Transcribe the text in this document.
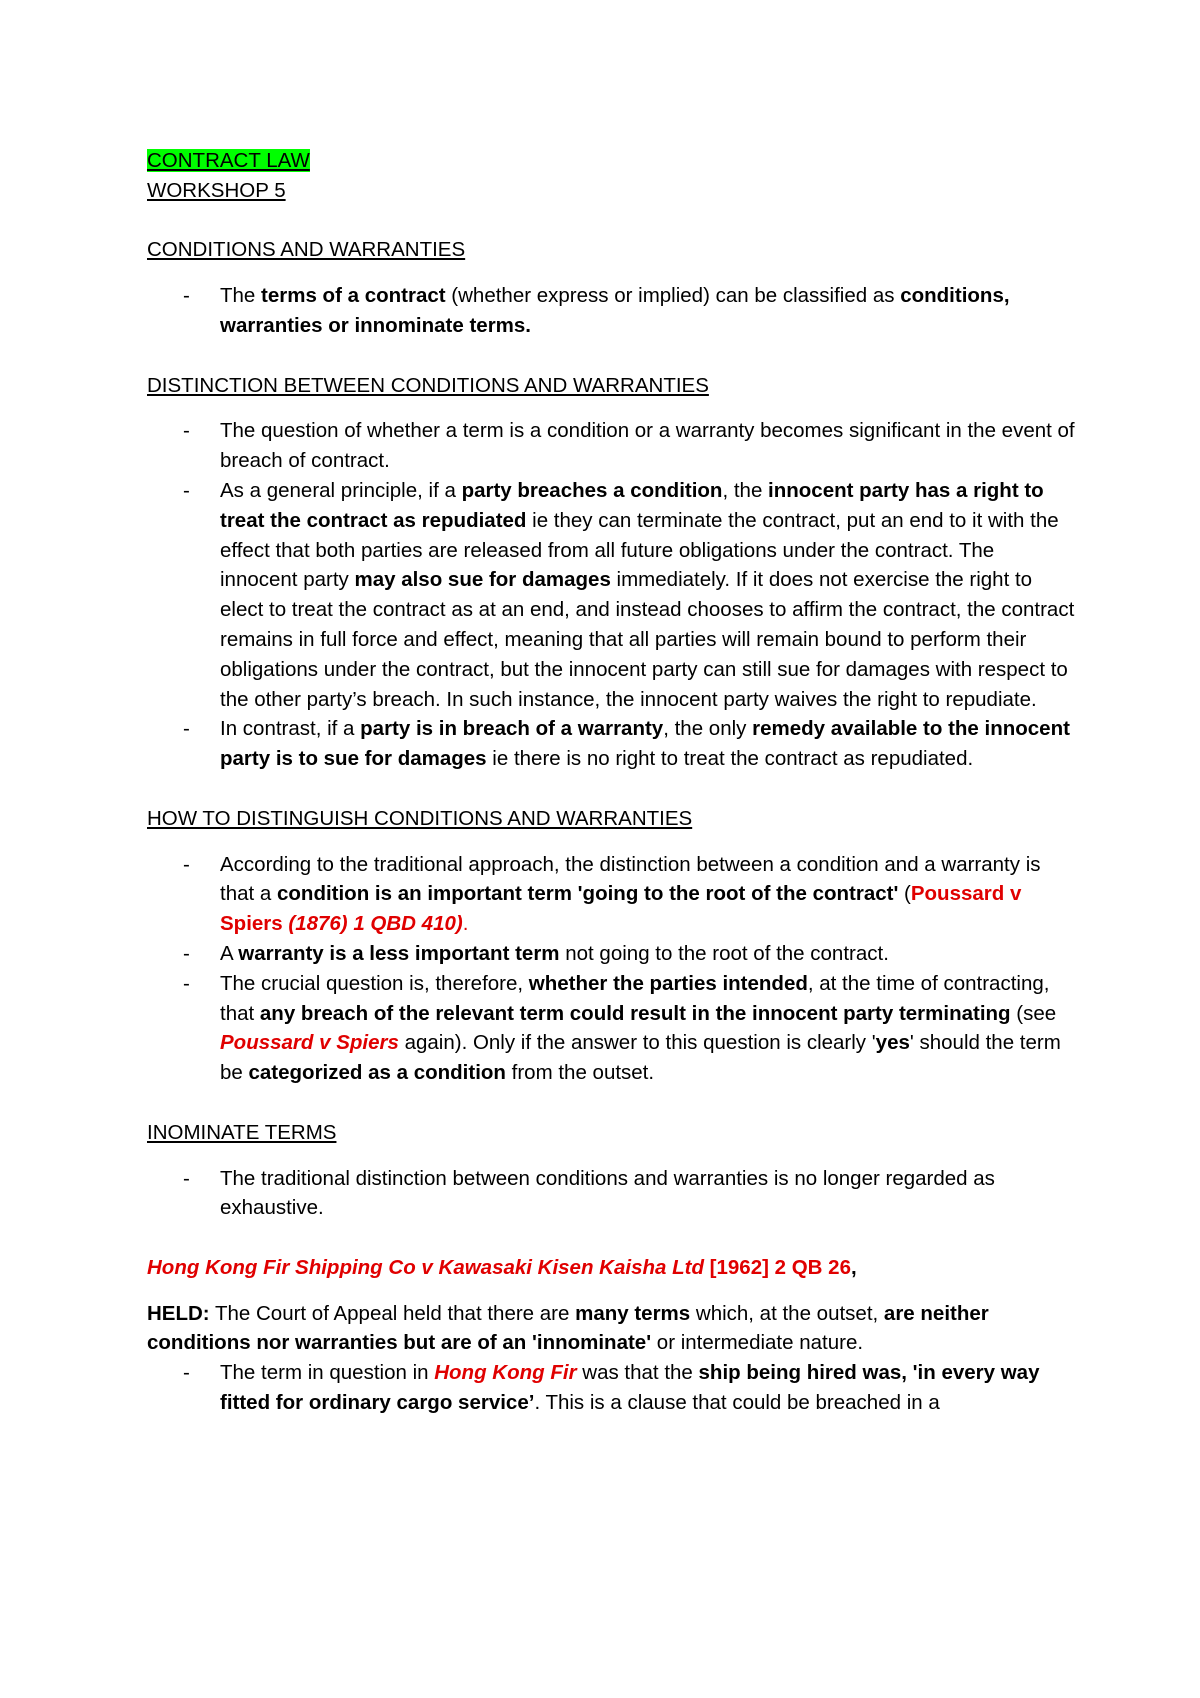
CONTRACT LAW

WORKSHOP 5

CONDITIONS AND WARRANTIES

- The terms of a contract (whether express or implied) can be classified as conditions, warranties or innominate terms.

DISTINCTION BETWEEN CONDITIONS AND WARRANTIES

- The question of whether a term is a condition or a warranty becomes significant in the event of breach of contract.
- As a general principle, if a party breaches a condition, the innocent party has a right to treat the contract as repudiated ie they can terminate the contract, put an end to it with the effect that both parties are released from all future obligations under the contract. The innocent party may also sue for damages immediately. If it does not exercise the right to elect to treat the contract as at an end, and instead chooses to affirm the contract, the contract remains in full force and effect, meaning that all parties will remain bound to perform their obligations under the contract, but the innocent party can still sue for damages with respect to the other party’s breach. In such instance, the innocent party waives the right to repudiate.
- In contrast, if a party is in breach of a warranty, the only remedy available to the innocent party is to sue for damages ie there is no right to treat the contract as repudiated.

HOW TO DISTINGUISH CONDITIONS AND WARRANTIES

- According to the traditional approach, the distinction between a condition and a warranty is that a condition is an important term 'going to the root of the contract' (Poussard v Spiers (1876) 1 QBD 410).
- A warranty is a less important term not going to the root of the contract.
- The crucial question is, therefore, whether the parties intended, at the time of contracting, that any breach of the relevant term could result in the innocent party terminating (see Poussard v Spiers again). Only if the answer to this question is clearly 'yes' should the term be categorized as a condition from the outset.

INOMINATE TERMS

- The traditional distinction between conditions and warranties is no longer regarded as exhaustive.

Hong Kong Fir Shipping Co v Kawasaki Kisen Kaisha Ltd [1962] 2 QB 26,

HELD: The Court of Appeal held that there are many terms which, at the outset, are neither conditions nor warranties but are of an 'innominate' or intermediate nature.

- The term in question in Hong Kong Fir was that the ship being hired was, 'in every way fitted for ordinary cargo service’. This is a clause that could be breached in a
